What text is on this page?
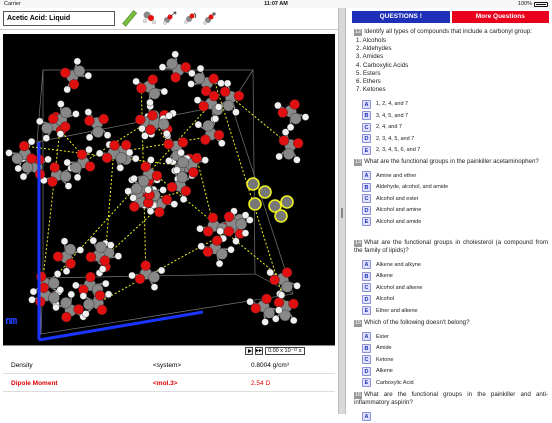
Carrier	11:07 AM	100%
Acetic Acid: Liquid
nm
▸▸	0.00 x 10⁻¹² s
Density	<system>	0.8004 g/cm³
Dipole Moment	<mol.3>	2.54 D
QUESTIONS !	More Questions
12 Identify all types of compounds that include a carbonyl group:
1. Alcohols
2. Aldehydes
3. Amides
4. Carboxylic Acids
5. Esters
6. Ethers
7. Ketones
A	1, 2, 4, and 7
B	3, 4, 5, and 7
C	2, 4, and 7
D	2, 3, 4, 5, and 7
E	2, 3, 4, 5, 6, and 7
13 What are the functional groups in the painkiller acetaminophen?
A	Amine and ether
B	Aldehyde, alcohol, and amide
C	Alcohol and ester
D	Alcohol and amine
E	Alcohol and amide
14 What are the functional groups in cholesterol (a compound from the family of lipids)?
A	Alkene and alkyne
B	Alkene
C	Alcohol and alkene
D	Alcohol
E	Ether and alkene
15 Which of the following doesn't belong?
A	Ester
B	Amide
C	Ketone
D	Alkene
E	Carboxylic Acid
16 What are the functional groups in the painkiller and anti-inflammatory aspirin?
A
